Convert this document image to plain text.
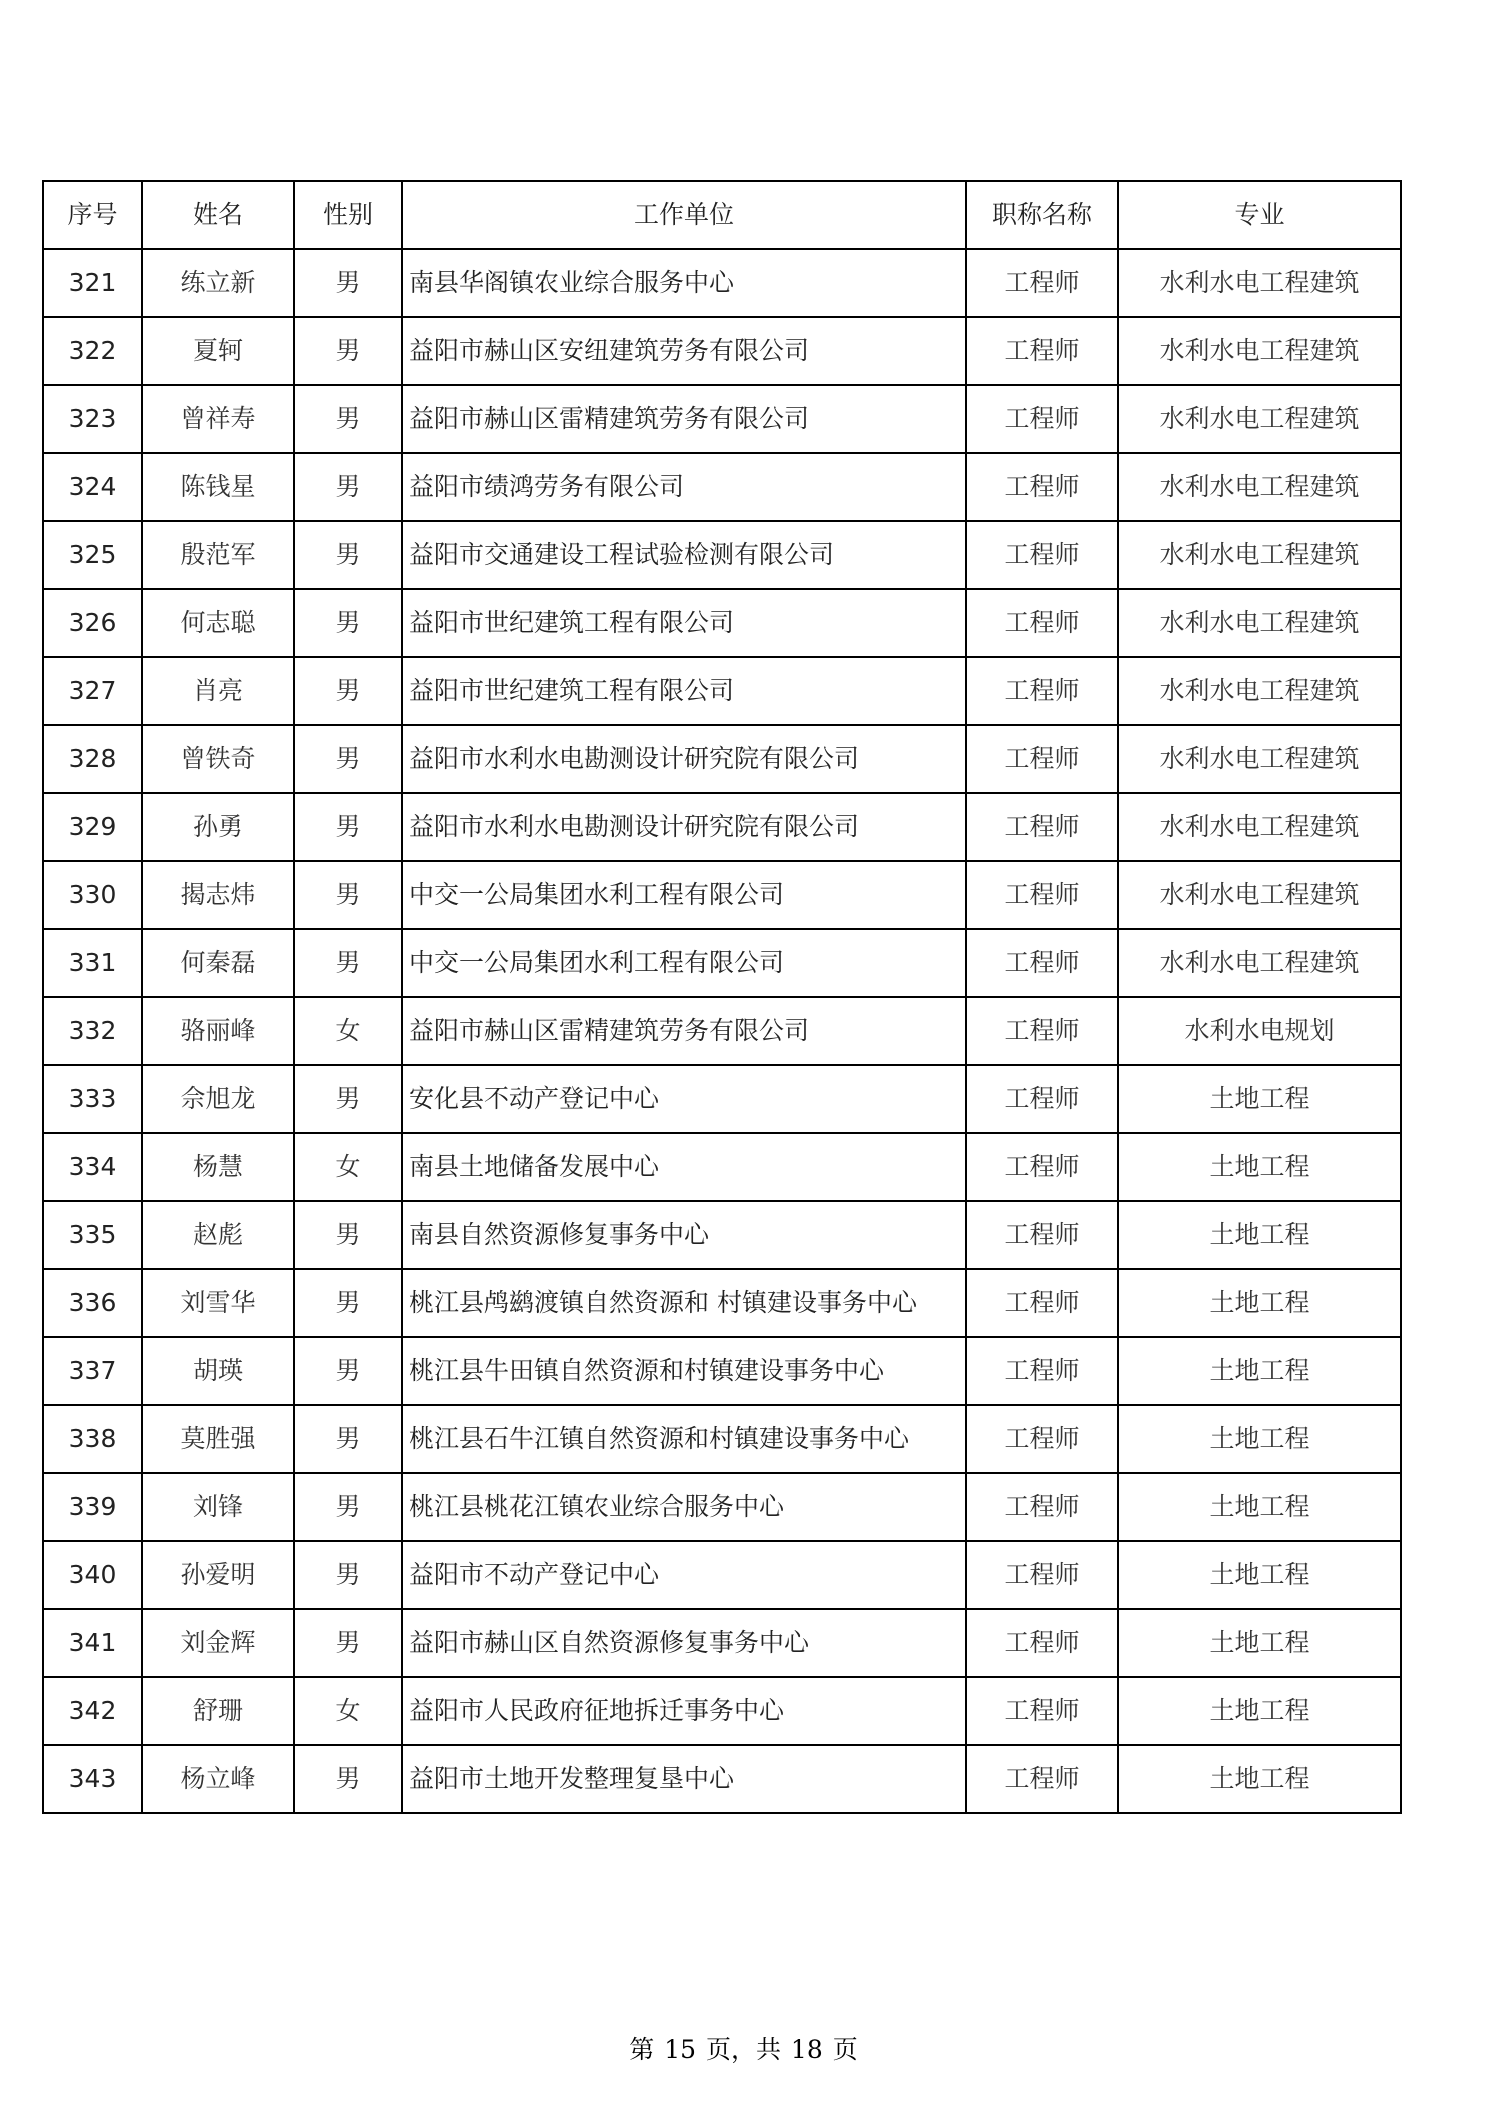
序号	姓名	性别	工作单位	职称名称	专业
321	练立新	男	南县华阁镇农业综合服务中心	工程师	水利水电工程建筑
322	夏轲	男	益阳市赫山区安纽建筑劳务有限公司	工程师	水利水电工程建筑
323	曾祥寿	男	益阳市赫山区雷精建筑劳务有限公司	工程师	水利水电工程建筑
324	陈钱星	男	益阳市绩鸿劳务有限公司	工程师	水利水电工程建筑
325	殷范军	男	益阳市交通建设工程试验检测有限公司	工程师	水利水电工程建筑
326	何志聪	男	益阳市世纪建筑工程有限公司	工程师	水利水电工程建筑
327	肖亮	男	益阳市世纪建筑工程有限公司	工程师	水利水电工程建筑
328	曾铁奇	男	益阳市水利水电勘测设计研究院有限公司	工程师	水利水电工程建筑
329	孙勇	男	益阳市水利水电勘测设计研究院有限公司	工程师	水利水电工程建筑
330	揭志炜	男	中交一公局集团水利工程有限公司	工程师	水利水电工程建筑
331	何秦磊	男	中交一公局集团水利工程有限公司	工程师	水利水电工程建筑
332	骆丽峰	女	益阳市赫山区雷精建筑劳务有限公司	工程师	水利水电规划
333	佘旭龙	男	安化县不动产登记中心	工程师	土地工程
334	杨慧	女	南县土地储备发展中心	工程师	土地工程
335	赵彪	男	南县自然资源修复事务中心	工程师	土地工程
336	刘雪华	男	桃江县鸬鹚渡镇自然资源和 村镇建设事务中心	工程师	土地工程
337	胡瑛	男	桃江县牛田镇自然资源和村镇建设事务中心	工程师	土地工程
338	莫胜强	男	桃江县石牛江镇自然资源和村镇建设事务中心	工程师	土地工程
339	刘锋	男	桃江县桃花江镇农业综合服务中心	工程师	土地工程
340	孙爱明	男	益阳市不动产登记中心	工程师	土地工程
341	刘金辉	男	益阳市赫山区自然资源修复事务中心	工程师	土地工程
342	舒珊	女	益阳市人民政府征地拆迁事务中心	工程师	土地工程
343	杨立峰	男	益阳市土地开发整理复垦中心	工程师	土地工程
第 15 页，共 18 页
